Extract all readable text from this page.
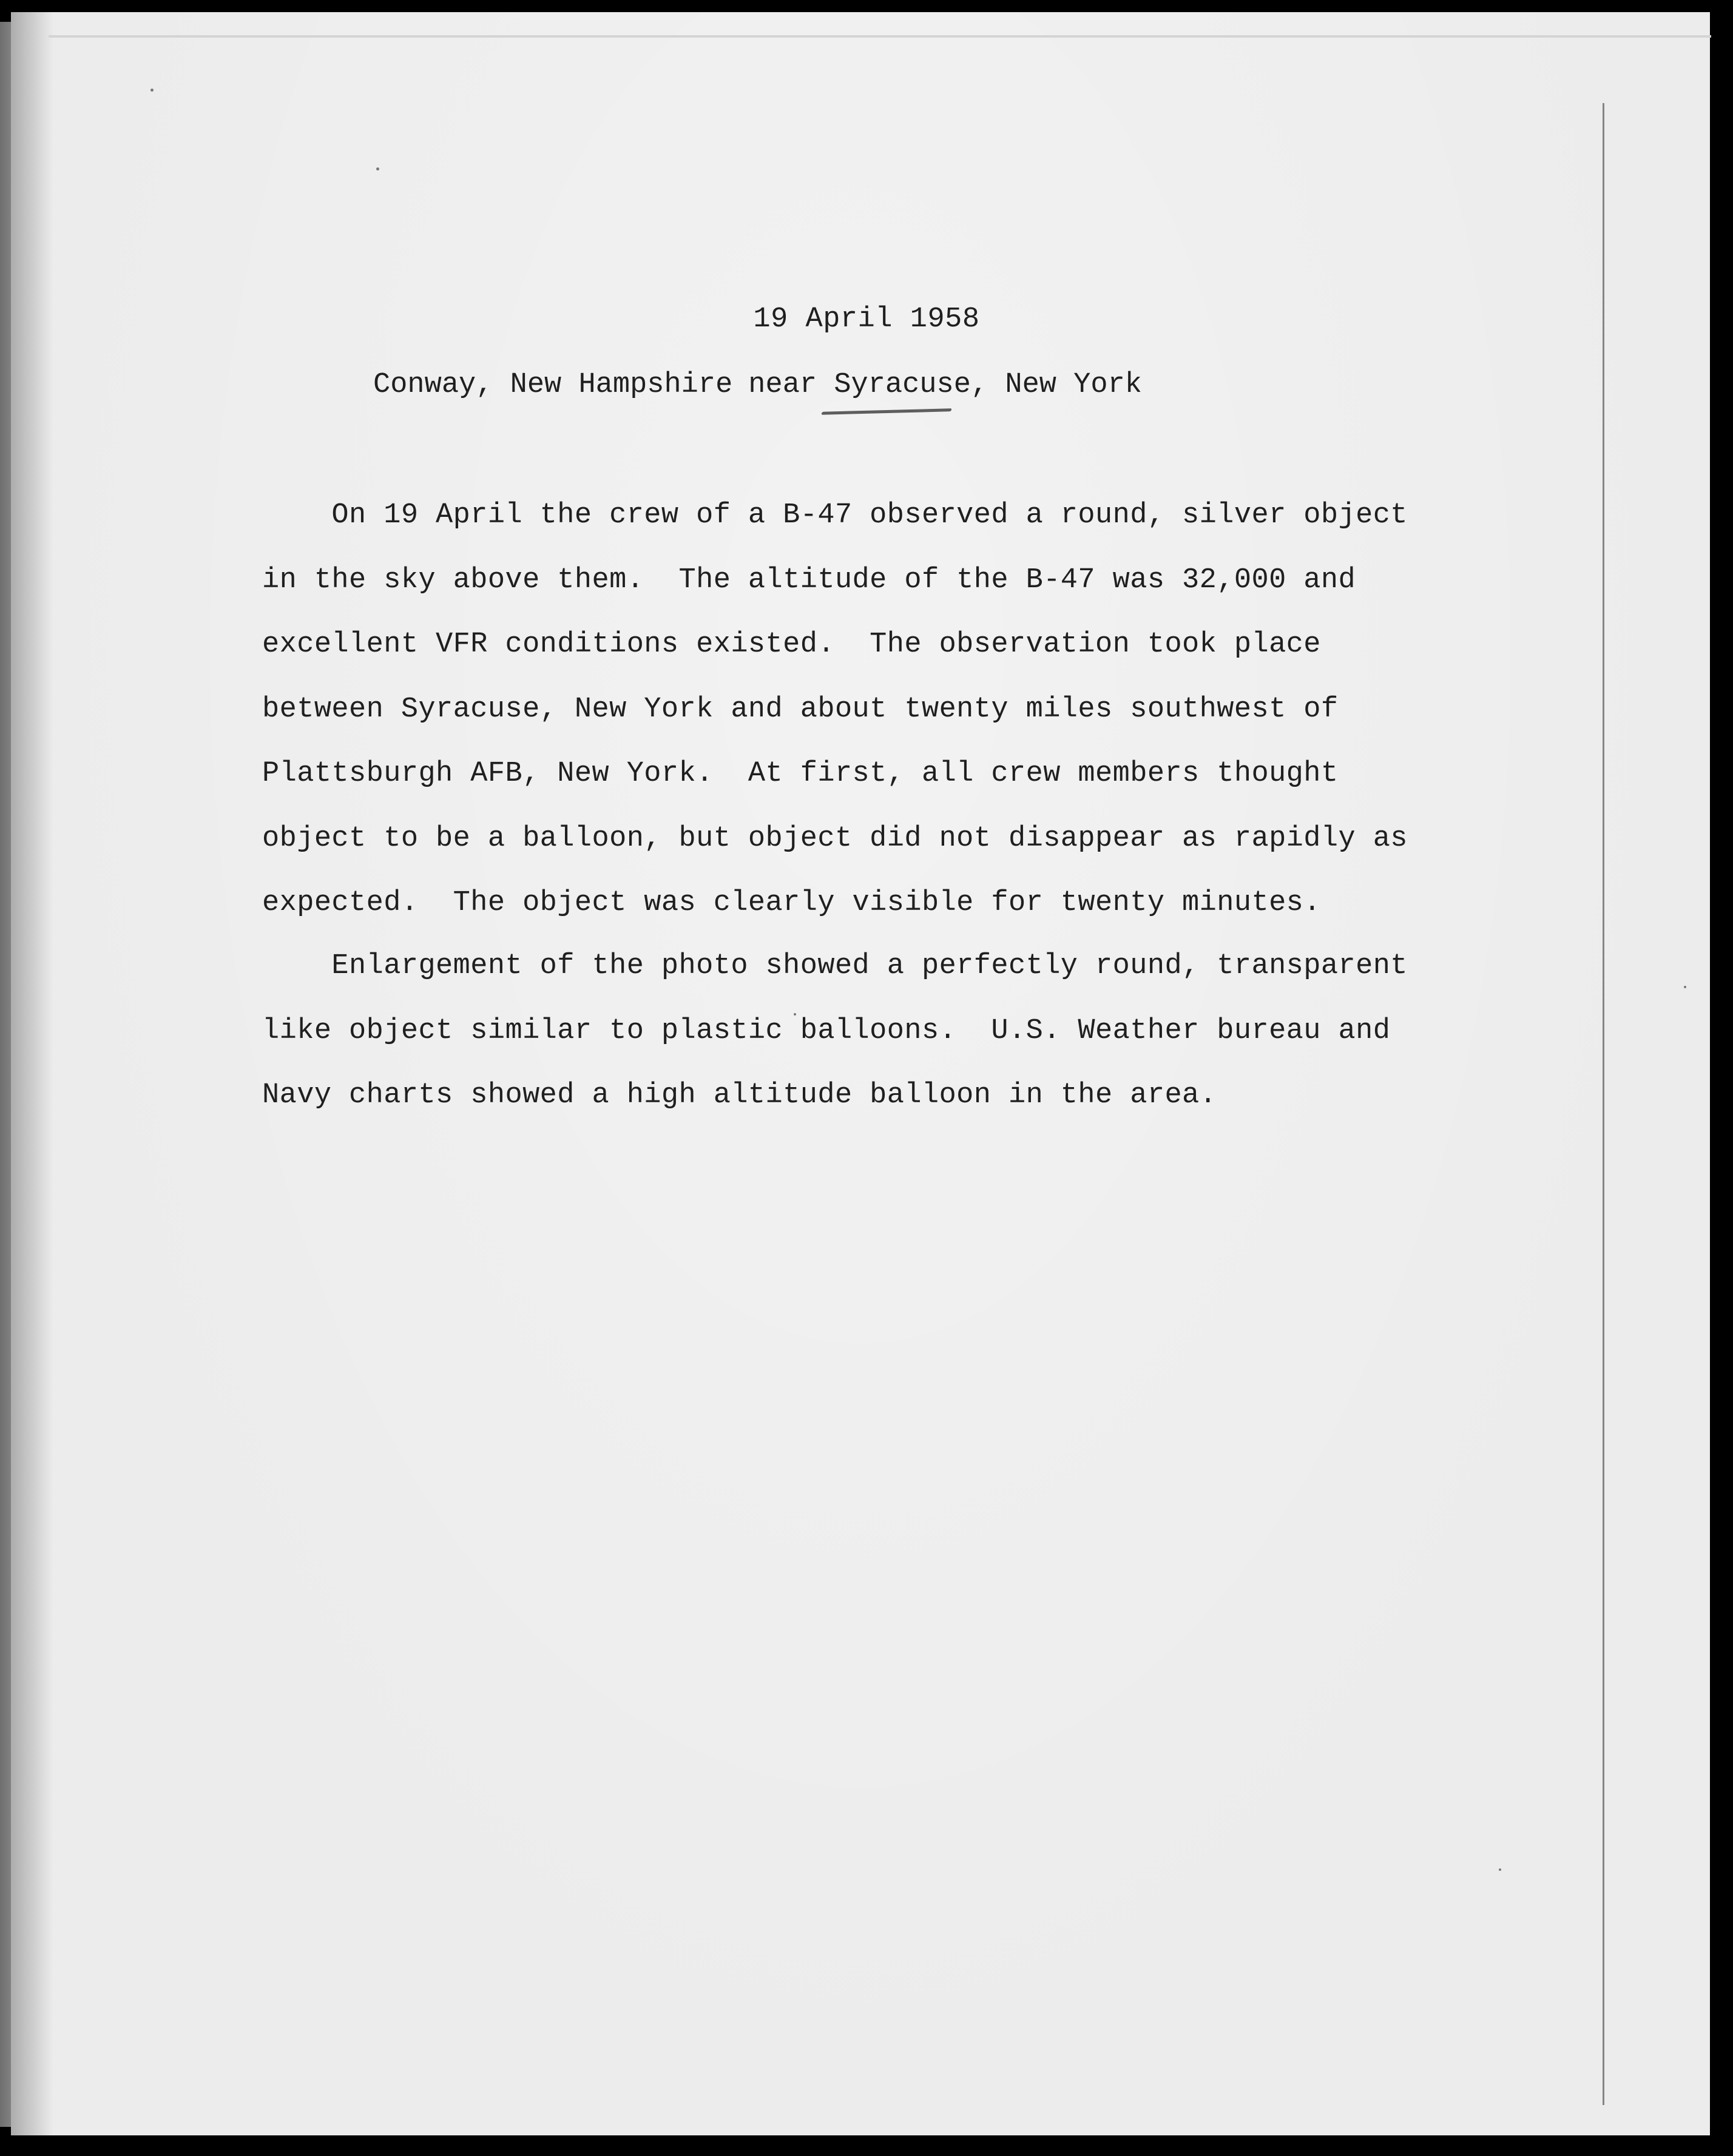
19 April 1958
Conway, New Hampshire near Syracuse, New York
On 19 April the crew of a B-47 observed a round, silver object
in the sky above them.  The altitude of the B-47 was 32,000 and
excellent VFR conditions existed.  The observation took place
between Syracuse, New York and about twenty miles southwest of
Plattsburgh AFB, New York.  At first, all crew members thought
object to be a balloon, but object did not disappear as rapidly as
expected.  The object was clearly visible for twenty minutes.
Enlargement of the photo showed a perfectly round, transparent
like object similar to plastic balloons.  U.S. Weather bureau and
Navy charts showed a high altitude balloon in the area.
